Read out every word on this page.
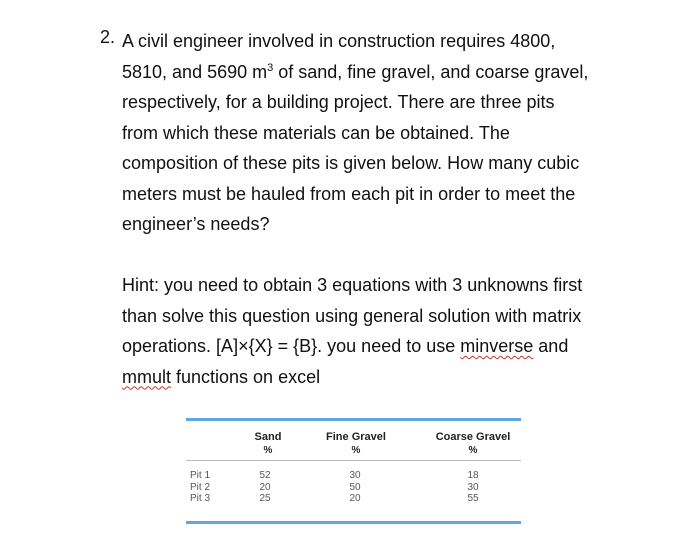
2. A civil engineer involved in construction requires 4800,
5810, and 5690 $m^3$ of sand, fine gravel, and coarse gravel,
respectively, for a building project. There are three pits
from which these materials can be obtained. The
composition of these pits is given below. How many cubic
meters must be hauled from each pit in order to meet the
engineer’s needs?
Hint: you need to obtain 3 equations with 3 unknowns first
than solve this question using general solution with matrix
operations. [A]×{X} = {B}. you need to use minverse and
mmult functions on excel
Sand
%
Fine Gravel
%
Coarse Gravel
%
Pit 1
Pit 2
Pit 3
52
20
25
30
50
20
18
30
55
